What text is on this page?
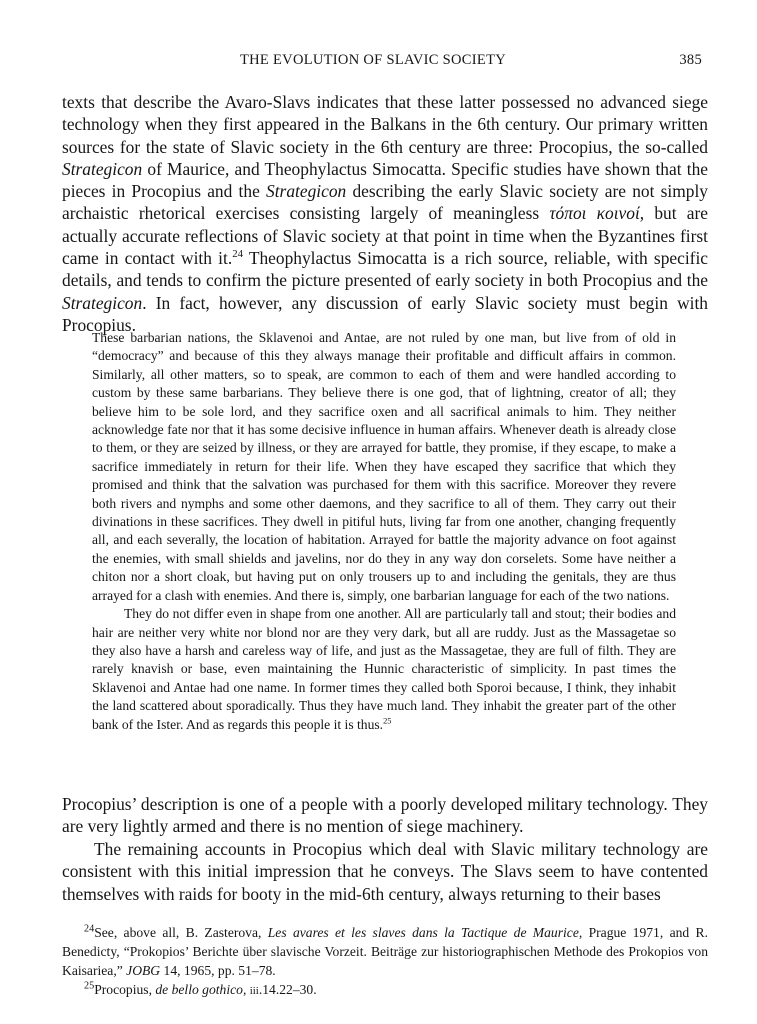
THE EVOLUTION OF SLAVIC SOCIETY	385

texts that describe the Avaro-Slavs indicates that these latter possessed no advanced siege technology when they first appeared in the Balkans in the 6th century. Our primary written sources for the state of Slavic society in the 6th century are three: Procopius, the so-called Strategicon of Maurice, and Theophylactus Simocatta. Specific studies have shown that the pieces in Procopius and the Strategicon describing the early Slavic society are not simply archaistic rhetorical exercises consisting largely of meaningless τόποι κοινοί, but are actually accurate reflections of Slavic society at that point in time when the Byzantines first came in contact with it.$^{24}$ Theophylactus Simocatta is a rich source, reliable, with specific details, and tends to confirm the picture presented of early society in both Procopius and the Strategicon. In fact, however, any discussion of early Slavic society must begin with Procopius.

These barbarian nations, the Sklavenoi and Antae, are not ruled by one man, but live from of old in “democracy” and because of this they always manage their profitable and difficult affairs in common. Similarly, all other matters, so to speak, are common to each of them and were handled according to custom by these same barbarians. They believe there is one god, that of lightning, creator of all; they believe him to be sole lord, and they sacrifice oxen and all sacrifical animals to him. They neither acknowledge fate nor that it has some decisive influence in human affairs. Whenever death is already close to them, or they are seized by illness, or they are arrayed for battle, they promise, if they escape, to make a sacrifice immediately in return for their life. When they have escaped they sacrifice that which they promised and think that the salvation was purchased for them with this sacrifice. Moreover they revere both rivers and nymphs and some other daemons, and they sacrifice to all of them. They carry out their divinations in these sacrifices. They dwell in pitiful huts, living far from one another, changing frequently all, and each severally, the location of habitation. Arrayed for battle the majority advance on foot against the enemies, with small shields and javelins, nor do they in any way don corselets. Some have neither a chiton nor a short cloak, but having put on only trousers up to and including the genitals, they are thus arrayed for a clash with enemies. And there is, simply, one barbarian language for each of the two nations.

They do not differ even in shape from one another. All are particularly tall and stout; their bodies and hair are neither very white nor blond nor are they very dark, but all are ruddy. Just as the Massagetae so they also have a harsh and careless way of life, and just as the Massagetae, they are full of filth. They are rarely knavish or base, even maintaining the Hunnic characteristic of simplicity. In past times the Sklavenoi and Antae had one name. In former times they called both Sporoi because, I think, they inhabit the land scattered about sporadically. Thus they have much land. They inhabit the greater part of the other bank of the Ister. And as regards this people it is thus.$^{25}$

Procopius’ description is one of a people with a poorly developed military technology. They are very lightly armed and there is no mention of siege machinery.

The remaining accounts in Procopius which deal with Slavic military technology are consistent with this initial impression that he conveys. The Slavs seem to have contented themselves with raids for booty in the mid-6th century, always returning to their bases

$^{24}$See, above all, B. Zasterova, Les avares et les slaves dans la Tactique de Maurice, Prague 1971, and R. Benedicty, “Prokopios’ Berichte über slavische Vorzeit. Beiträge zur historiographischen Methode des Prokopios von Kaisariea,” JOBG 14, 1965, pp. 51–78.

$^{25}$Procopius, de bello gothico, iii.14.22–30.
